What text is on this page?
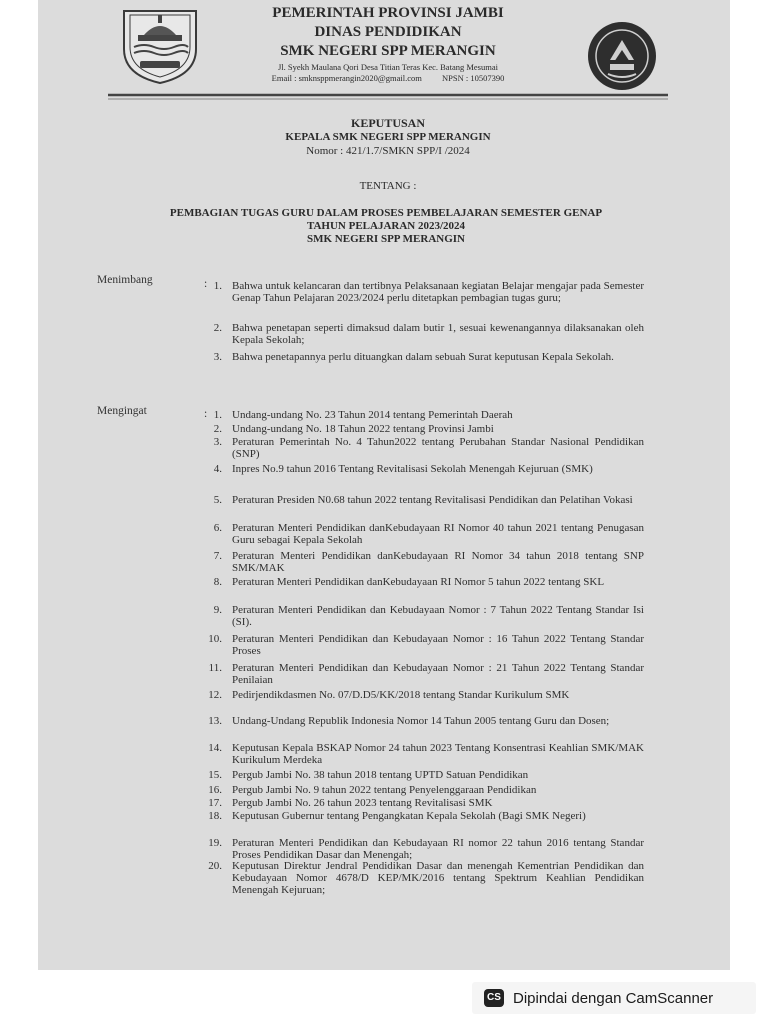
PEMERINTAH PROVINSI JAMBI
DINAS PENDIDIKAN
SMK NEGERI SPP MERANGIN
Jl. Syekh Maulana Qori Desa Titian Teras Kec. Batang Mesumai
Email : smknsppmerangin2020@gmail.com NPSN : 10507390
KEPUTUSAN
KEPALA SMK NEGERI SPP MERANGIN
Nomor : 421/1.7/SMKN SPP/I /2024
TENTANG :
PEMBAGIAN TUGAS GURU DALAM PROSES PEMBELAJARAN SEMESTER GENAP
TAHUN PELAJARAN 2023/2024
SMK NEGERI SPP MERANGIN
Menimbang	:
Mengingat	:
1. Bahwa untuk kelancaran dan tertibnya Pelaksanaan kegiatan Belajar mengajar pada Semester Genap Tahun Pelajaran 2023/2024 perlu ditetapkan pembagian tugas guru;
2. Bahwa penetapan seperti dimaksud dalam butir 1, sesuai kewenangannya dilaksanakan oleh Kepala Sekolah;
3. Bahwa penetapannya perlu dituangkan dalam sebuah Surat keputusan Kepala Sekolah.
1. Undang-undang No. 23 Tahun 2014 tentang Pemerintah Daerah
2. Undang-undang No. 18 Tahun 2022 tentang Provinsi Jambi
3. Peraturan Pemerintah No. 4 Tahun2022 tentang Perubahan Standar Nasional Pendidikan (SNP)
4. Inpres No.9 tahun 2016 Tentang Revitalisasi Sekolah Menengah Kejuruan (SMK)
5. Peraturan Presiden N0.68 tahun 2022 tentang Revitalisasi Pendidikan dan Pelatihan Vokasi
6. Peraturan Menteri Pendidikan danKebudayaan RI Nomor 40 tahun 2021 tentang Penugasan Guru sebagai Kepala Sekolah
7. Peraturan Menteri Pendidikan danKebudayaan RI Nomor 34 tahun 2018 tentang SNP SMK/MAK
8. Peraturan Menteri Pendidikan danKebudayaan RI Nomor 5 tahun 2022 tentang SKL
9. Peraturan Menteri Pendidikan dan Kebudayaan Nomor : 7 Tahun 2022 Tentang Standar Isi (SI).
10. Peraturan Menteri Pendidikan dan Kebudayaan Nomor : 16 Tahun 2022 Tentang Standar Proses
11. Peraturan Menteri Pendidikan dan Kebudayaan Nomor : 21 Tahun 2022 Tentang Standar Penilaian
12. Pedirjendikdasmen No. 07/D.D5/KK/2018 tentang Standar Kurikulum SMK
13. Undang-Undang Republik Indonesia Nomor 14 Tahun 2005 tentang Guru dan Dosen;
14. Keputusan Kepala BSKAP Nomor 24 tahun 2023 Tentang Konsentrasi Keahlian SMK/MAK Kurikulum Merdeka
15. Pergub Jambi No. 38 tahun 2018 tentang UPTD Satuan Pendidikan
16. Pergub Jambi No. 9 tahun 2022 tentang Penyelenggaraan Pendidikan
17. Pergub Jambi No. 26 tahun 2023 tentang Revitalisasi SMK
18. Keputusan Gubernur tentang Pengangkatan Kepala Sekolah (Bagi SMK Negeri)
19. Peraturan Menteri Pendidikan dan Kebudayaan RI nomor 22 tahun 2016 tentang Standar Proses Pendidikan Dasar dan Menengah;
20. Keputusan Direktur Jendral Pendidikan Dasar dan menengah Kementrian Pendidikan dan Kebudayaan Nomor 4678/D KEP/MK/2016 tentang Spektrum Keahlian Pendidikan Menengah Kejuruan;
CS Dipindai dengan CamScanner
